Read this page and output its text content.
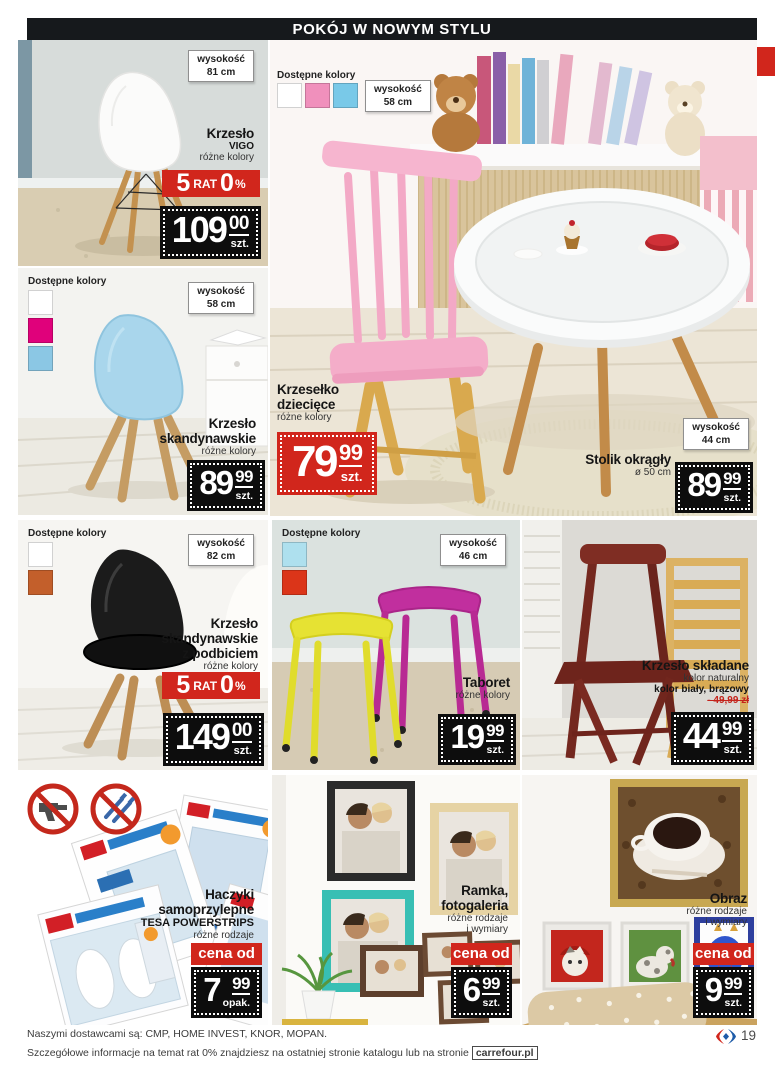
POKÓJ W NOWYM STYLU
wysokość
81 cm
Krzesło
VIGO
różne kolory
5 RAT 0 %
109 00
szt.
Dostępne kolory
wysokość
58 cm
Krzesełko
dziecięce
różne kolory
79 99
szt.
wysokość
44 cm
Stolik okrągły
ø 50 cm 89 99
szt.
Dostępne kolory
wysokość
58 cm
Krzesło
skandynawskie
różne kolory
89 99
szt.
Dostępne kolory
wysokość
82 cm
Krzesło
skandynawskie
z podbiciem
różne kolory
5 RAT 0 %
149 00
szt.
Dostępne kolory
wysokość
46 cm
Taboret
różne kolory
19 99
szt.
Krzesło składane
kolor naturalny
kolor biały, brązowy
- 49,99 zł
44 99
szt.
Haczyki
samoprzylepne
TESA POWERSTRIPS
różne rodzaje
cena od
7 99
opak.
Ramka,
fotogaleria
różne rodzaje
i wymiary
cena od
6 99
szt.
Obraz
różne rodzaje
i wymiary
cena od
9 99
szt.
Naszymi dostawcami są: CMP, HOME INVEST, KNOR, MOPAN.
Szczegółowe informacje na temat rat 0% znajdziesz na ostatniej stronie katalogu lub na stronie carrefour.pl
19
